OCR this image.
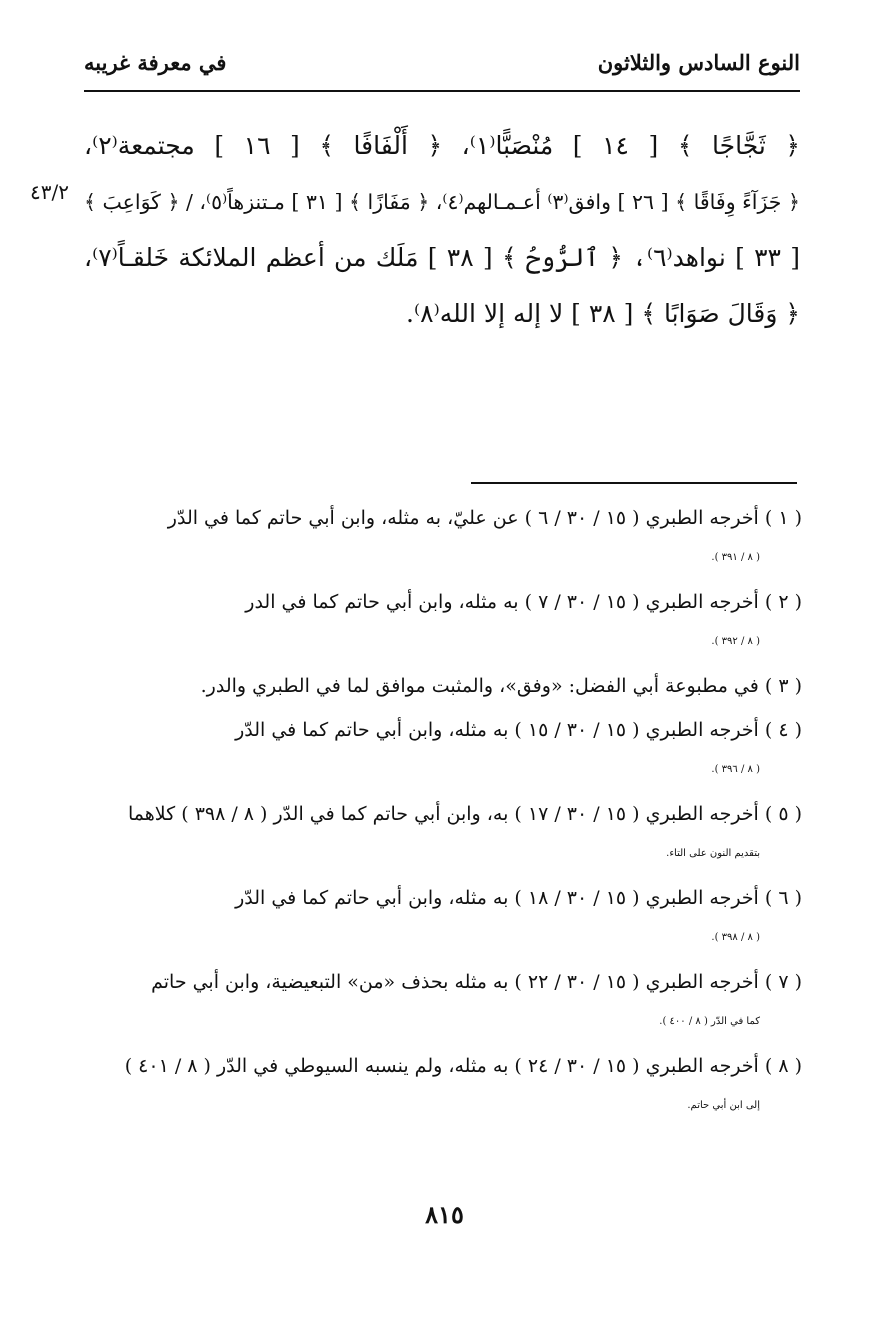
النوع السادس والثلاثون
في معرفة غريبه
٤٣/٢
﴿ ثَجَّاجًا ﴾ [ ١٤ ] مُنْصَبًّا⁽١⁾، ﴿ أَلْفَافًا ﴾ [ ١٦ ] مجتمعة⁽٢⁾،
﴿ جَزَآءً وِفَاقًا ﴾ [ ٢٦ ] وافق⁽٣⁾ أعـمـالهم⁽٤⁾، ﴿ مَفَازًا ﴾ [ ٣١ ] مـتنزهاً⁽٥⁾، / ﴿ كَوَاعِبَ ﴾
[ ٣٣ ] نواهد⁽٦⁾، ﴿ ٱلرُّوحُ ﴾ [ ٣٨ ] مَلَك من أعظم الملائكة خَلقـاً⁽٧⁾،
﴿ وَقَالَ صَوَابًا ﴾ [ ٣٨ ] لا إله إلا الله⁽٨⁾.
( ١ ) أخرجه الطبري ( ١٥ / ٣٠ / ٦ ) عن عليّ، به مثله، وابن أبي حاتم كما في الدّر
( ٨ / ٣٩١ ).
( ٢ ) أخرجه الطبري ( ١٥ / ٣٠ / ٧ ) به مثله، وابن أبي حاتم كما في الدر
( ٨ / ٣٩٢ ).
( ٣ ) في مطبوعة أبي الفضل: «وفق»، والمثبت موافق لما في الطبري والدر.
( ٤ ) أخرجه الطبري ( ١٥ / ٣٠ / ١٥ ) به مثله، وابن أبي حاتم كما في الدّر
( ٨ / ٣٩٦ ).
( ٥ ) أخرجه الطبري ( ١٥ / ٣٠ / ١٧ ) به، وابن أبي حاتم كما في الدّر ( ٨ / ٣٩٨ ) كلاهما
بتقديم النون على التاء.
( ٦ ) أخرجه الطبري ( ١٥ / ٣٠ / ١٨ ) به مثله، وابن أبي حاتم كما في الدّر
( ٨ / ٣٩٨ ).
( ٧ ) أخرجه الطبري ( ١٥ / ٣٠ / ٢٢ ) به مثله بحذف «من» التبعيضية، وابن أبي حاتم
كما في الدّر ( ٨ / ٤٠٠ ).
( ٨ ) أخرجه الطبري ( ١٥ / ٣٠ / ٢٤ ) به مثله، ولم ينسبه السيوطي في الدّر ( ٨ / ٤٠١ )
إلى ابن أبي حاتم.
٨١٥
